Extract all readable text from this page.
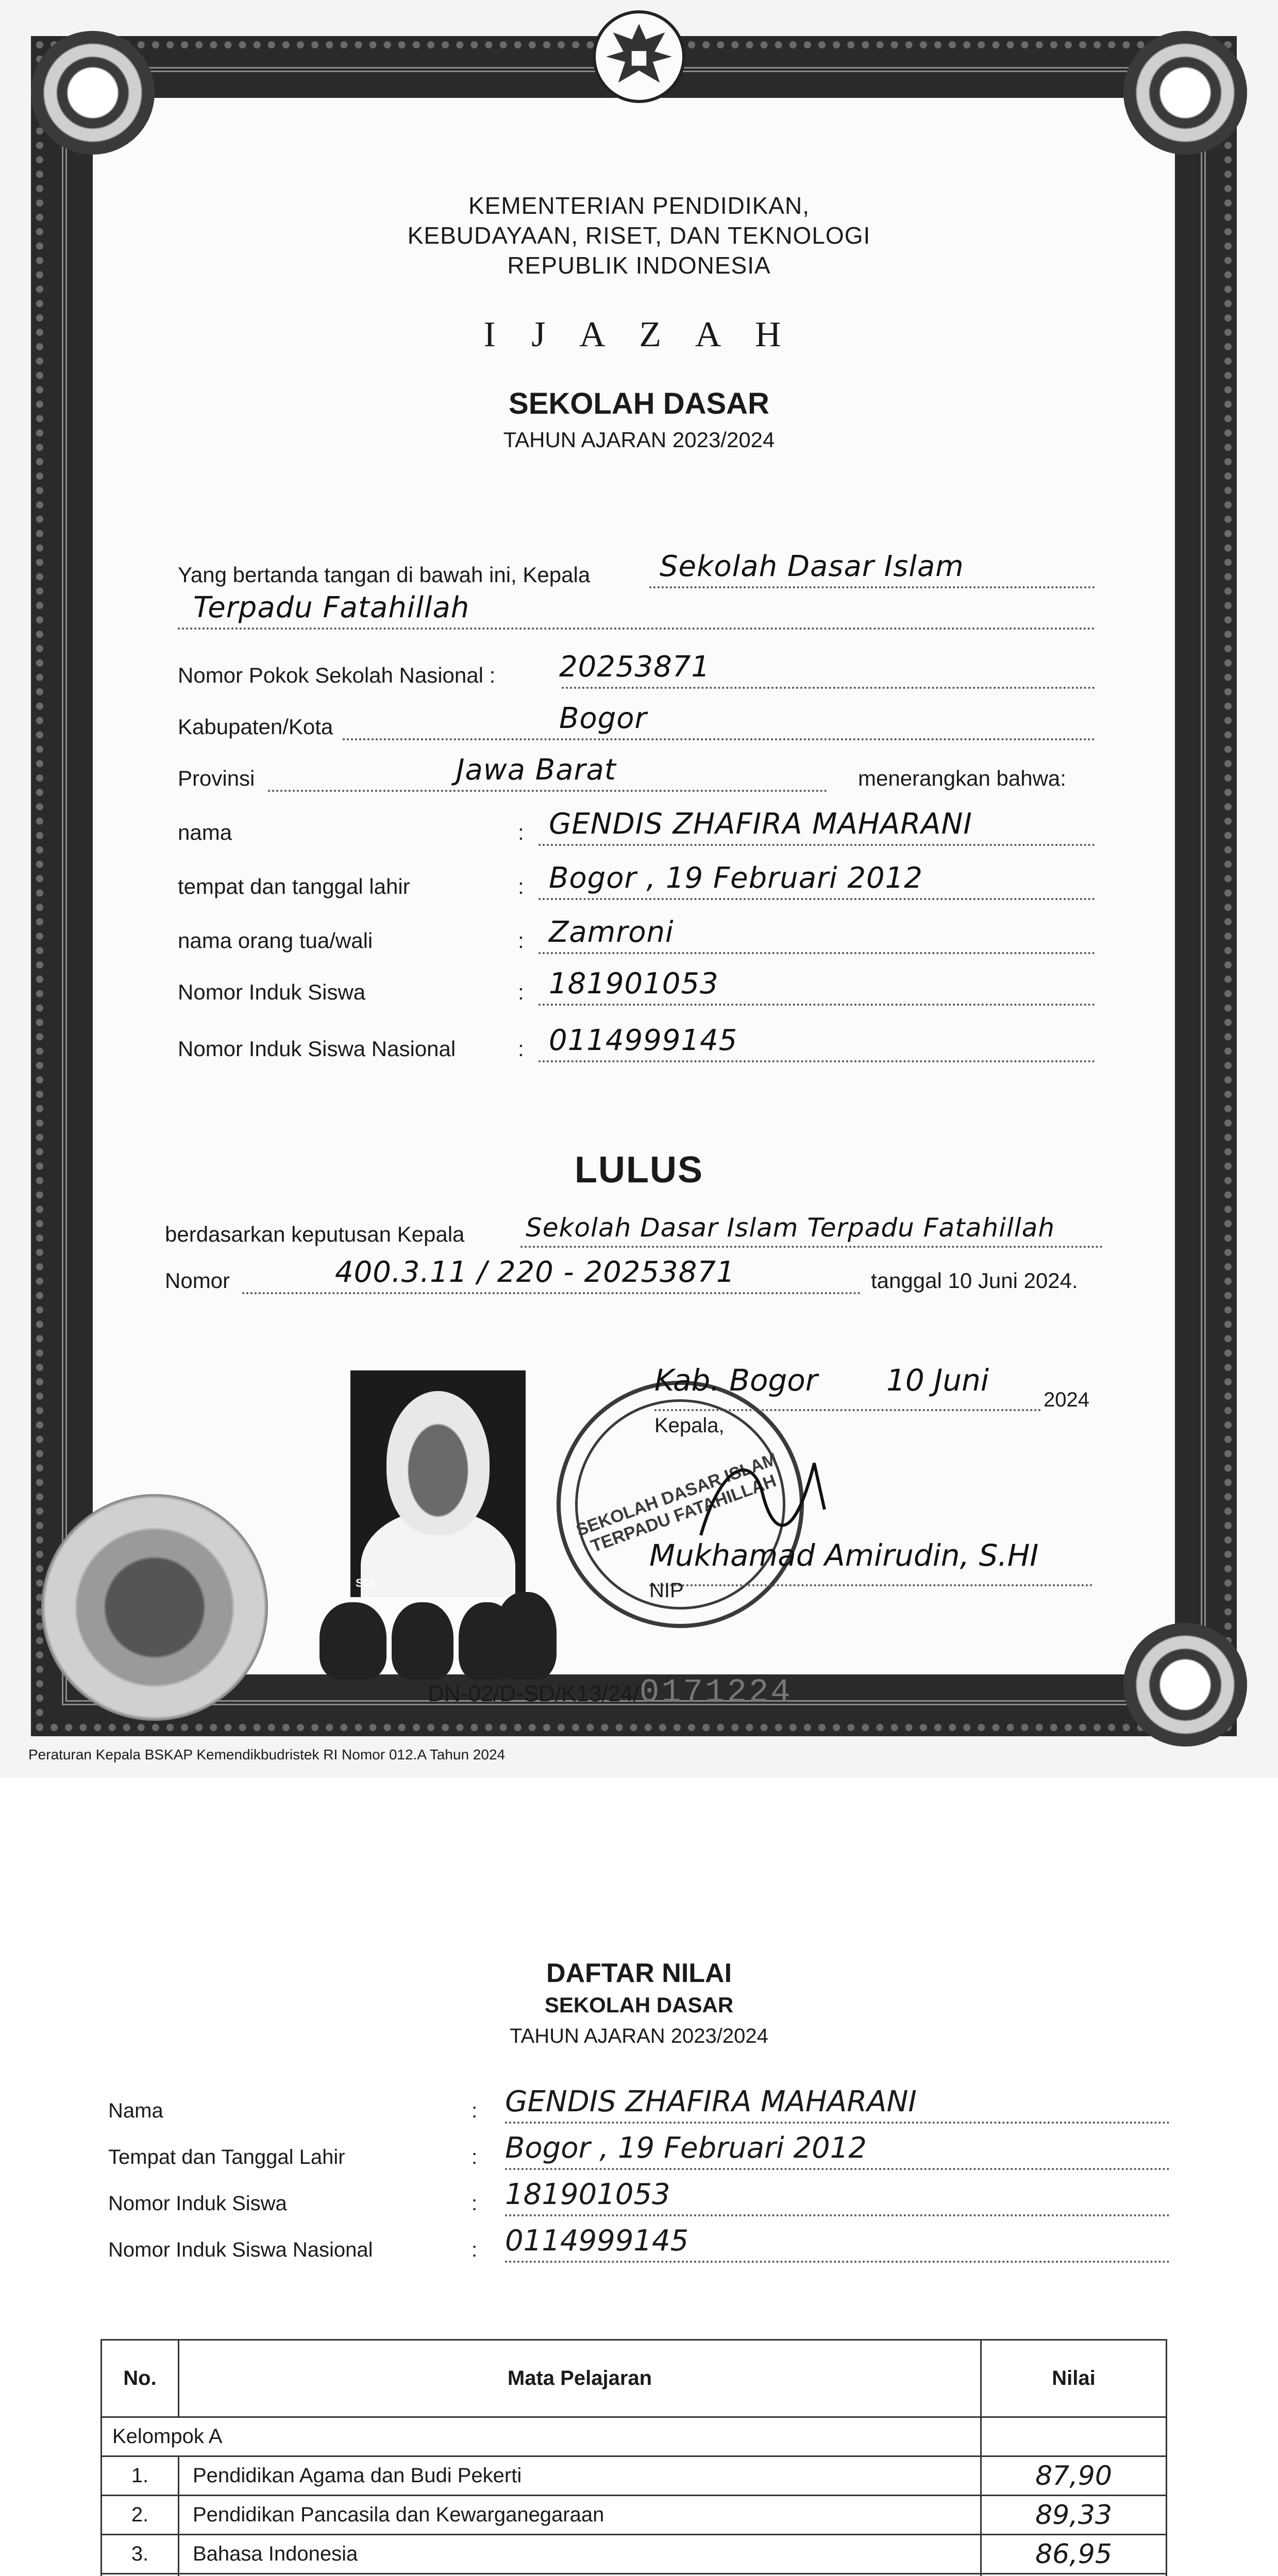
KEMENTERIAN PENDIDIKAN,
KEBUDAYAAN, RISET, DAN TEKNOLOGI
REPUBLIK INDONESIA
I J A Z A H
SEKOLAH DASAR
TAHUN AJARAN 2023/2024
Yang bertanda tangan di bawah ini, Kepala Sekolah Dasar Islam
Terpadu Fatahillah
Nomor Pokok Sekolah Nasional : 20253871
Kabupaten/Kota	Bogor
Provinsi	Jawa Barat	menerangkan bahwa:
nama	: GENDIS ZHAFIRA MAHARANI
tempat dan tanggal lahir	: Bogor , 19 Februari 2012
nama orang tua/wali	: Zamroni
Nomor Induk Siswa	: 181901053
Nomor Induk Siswa Nasional	: 0114999145
LULUS
berdasarkan keputusan Kepala Sekolah Dasar Islam Terpadu Fatahillah
Nomor	400.3.11 / 220 - 20253871	tanggal 10 Juni 2024.
SDI
SEKOLAH DASAR ISLAM TERPADU FATAHILLAH
Kab. Bogor 10 Juni
2024
Kepala,
Mukhamad Amirudin, S.HI
NIP
DN-02/D-SD/K13/24/0171224
Peraturan Kepala BSKAP Kemendikbudristek RI Nomor 012.A Tahun 2024
DAFTAR NILAI
SEKOLAH DASAR
TAHUN AJARAN 2023/2024
Nama	: GENDIS ZHAFIRA MAHARANI
Tempat dan Tanggal Lahir	: Bogor , 19 Februari 2012
Nomor Induk Siswa	: 181901053
Nomor Induk Siswa Nasional	: 0114999145
No.	Mata Pelajaran	Nilai
Kelompok A		
1.	Pendidikan Agama dan Budi Pekerti	87,90
2.	Pendidikan Pancasila dan Kewarganegaraan	89,33
3.	Bahasa Indonesia	86,95
